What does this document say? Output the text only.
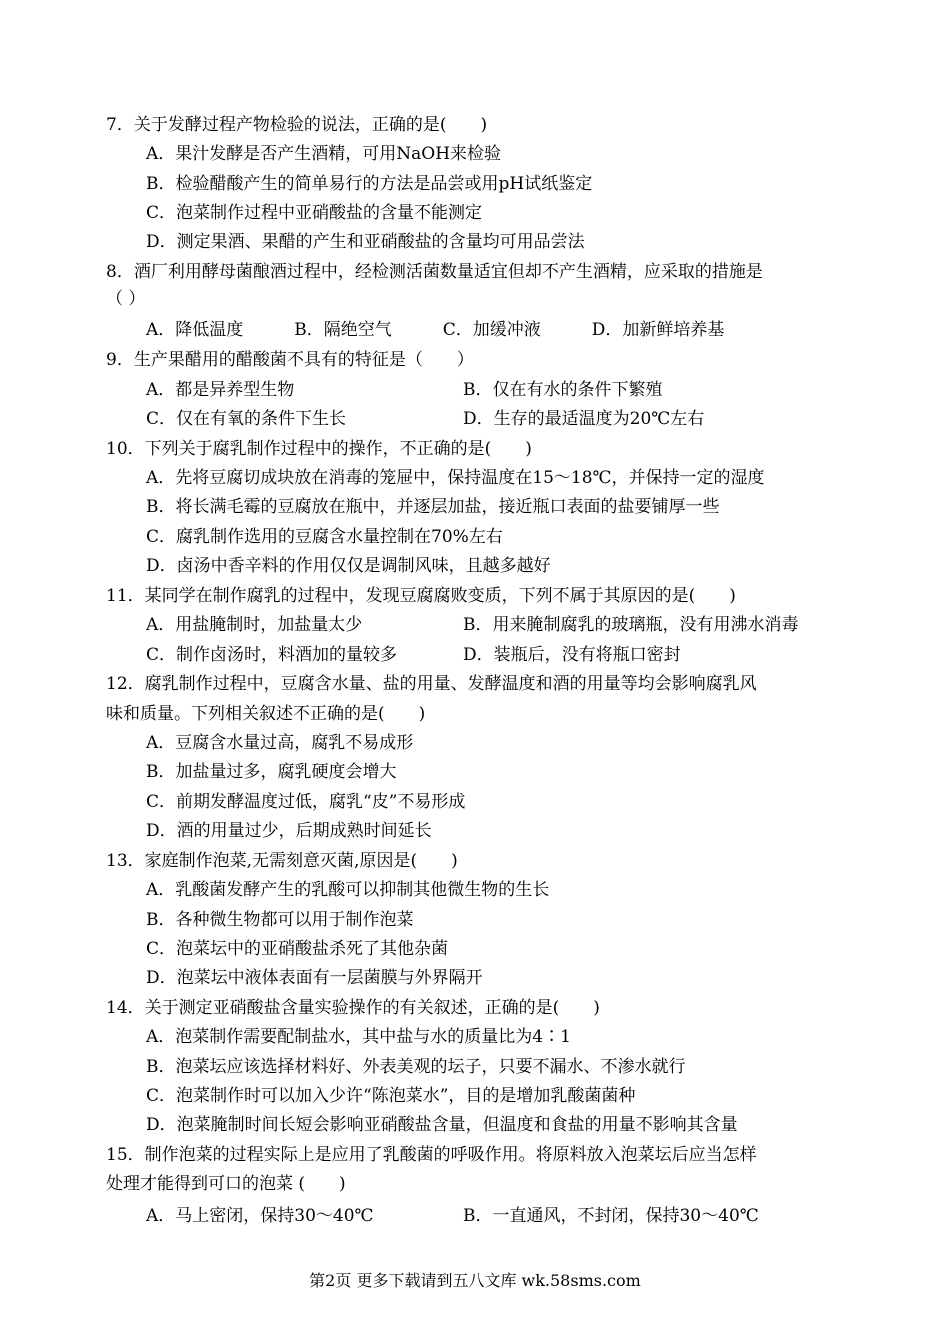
7．关于发酵过程产物检验的说法，正确的是(　　)
A．果汁发酵是否产生酒精，可用NaOH来检验
B．检验醋酸产生的简单易行的方法是品尝或用pH试纸鉴定
C．泡菜制作过程中亚硝酸盐的含量不能测定
D．测定果酒、果醋的产生和亚硝酸盐的含量均可用品尝法
8．酒厂利用酵母菌酿酒过程中，经检测活菌数量适宜但却不产生酒精，应采取的措施是
（ ）
A．降低温度　　　B．隔绝空气　　　C．加缓冲液　　　D．加新鲜培养基
9．生产果醋用的醋酸菌不具有的特征是（　　）
A．都是异养型生物	B．仅在有水的条件下繁殖
C．仅在有氧的条件下生长	D．生存的最适温度为20℃左右
10．下列关于腐乳制作过程中的操作，不正确的是(　　)
A．先将豆腐切成块放在消毒的笼屉中，保持温度在15～18℃，并保持一定的湿度
B．将长满毛霉的豆腐放在瓶中，并逐层加盐，接近瓶口表面的盐要铺厚一些
C．腐乳制作选用的豆腐含水量控制在70%左右
D．卤汤中香辛料的作用仅仅是调制风味，且越多越好
11．某同学在制作腐乳的过程中，发现豆腐腐败变质，下列不属于其原因的是(　　)
A．用盐腌制时，加盐量太少	B．用来腌制腐乳的玻璃瓶，没有用沸水消毒
C．制作卤汤时，料酒加的量较多	D．装瓶后，没有将瓶口密封
12．腐乳制作过程中，豆腐含水量、盐的用量、发酵温度和酒的用量等均会影响腐乳风
味和质量。下列相关叙述不正确的是(　　)
A．豆腐含水量过高，腐乳不易成形
B．加盐量过多，腐乳硬度会增大
C．前期发酵温度过低，腐乳“皮”不易形成
D．酒的用量过少，后期成熟时间延长
13．家庭制作泡菜,无需刻意灭菌,原因是(　　)
A．乳酸菌发酵产生的乳酸可以抑制其他微生物的生长
B．各种微生物都可以用于制作泡菜
C．泡菜坛中的亚硝酸盐杀死了其他杂菌
D．泡菜坛中液体表面有一层菌膜与外界隔开
14．关于测定亚硝酸盐含量实验操作的有关叙述，正确的是(　　)
A．泡菜制作需要配制盐水，其中盐与水的质量比为4∶1
B．泡菜坛应该选择材料好、外表美观的坛子，只要不漏水、不渗水就行
C．泡菜制作时可以加入少许“陈泡菜水”，目的是增加乳酸菌菌种
D．泡菜腌制时间长短会影响亚硝酸盐含量，但温度和食盐的用量不影响其含量
15．制作泡菜的过程实际上是应用了乳酸菌的呼吸作用。将原料放入泡菜坛后应当怎样
处理才能得到可口的泡菜 (　　)
A．马上密闭，保持30～40℃	B．一直通风，不封闭，保持30～40℃
第2页 更多下载请到五八文库 wk.58sms.com
